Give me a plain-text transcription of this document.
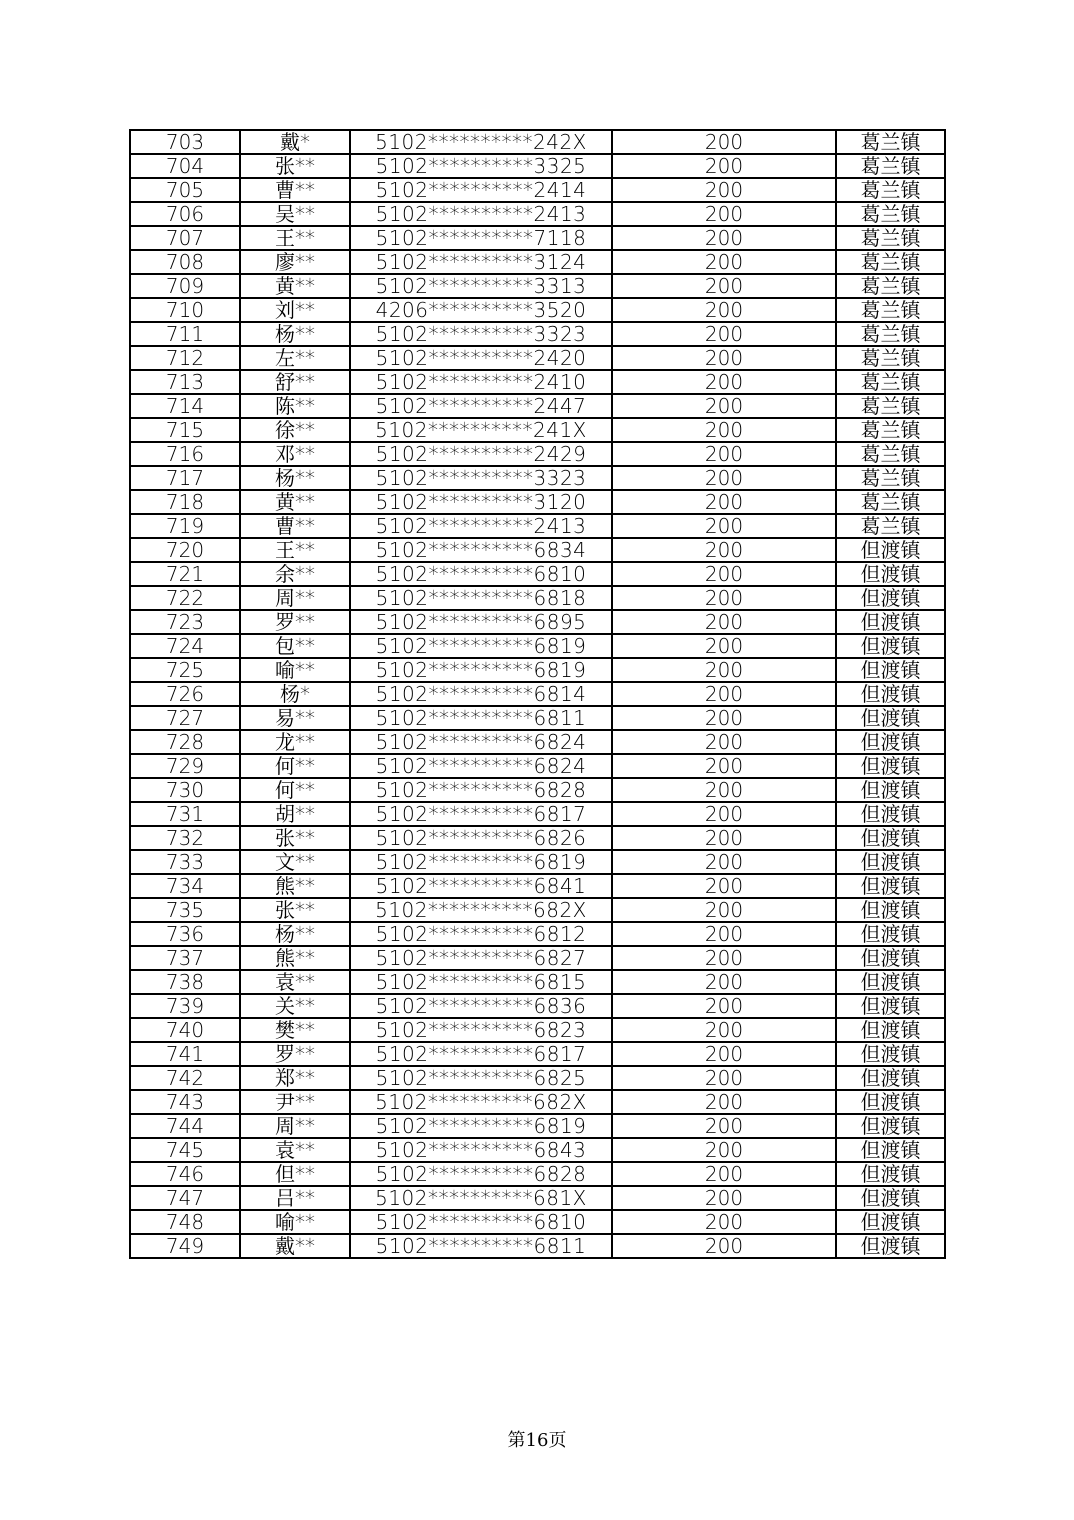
703	戴*	5102**********242X	200	葛兰镇
704	张**	5102**********3325	200	葛兰镇
705	曹**	5102**********2414	200	葛兰镇
706	吴**	5102**********2413	200	葛兰镇
707	王**	5102**********7118	200	葛兰镇
708	廖**	5102**********3124	200	葛兰镇
709	黄**	5102**********3313	200	葛兰镇
710	刘**	4206**********3520	200	葛兰镇
711	杨**	5102**********3323	200	葛兰镇
712	左**	5102**********2420	200	葛兰镇
713	舒**	5102**********2410	200	葛兰镇
714	陈**	5102**********2447	200	葛兰镇
715	徐**	5102**********241X	200	葛兰镇
716	邓**	5102**********2429	200	葛兰镇
717	杨**	5102**********3323	200	葛兰镇
718	黄**	5102**********3120	200	葛兰镇
719	曹**	5102**********2413	200	葛兰镇
720	王**	5102**********6834	200	但渡镇
721	余**	5102**********6810	200	但渡镇
722	周**	5102**********6818	200	但渡镇
723	罗**	5102**********6895	200	但渡镇
724	包**	5102**********6819	200	但渡镇
725	喻**	5102**********6819	200	但渡镇
726	杨*	5102**********6814	200	但渡镇
727	易**	5102**********6811	200	但渡镇
728	龙**	5102**********6824	200	但渡镇
729	何**	5102**********6824	200	但渡镇
730	何**	5102**********6828	200	但渡镇
731	胡**	5102**********6817	200	但渡镇
732	张**	5102**********6826	200	但渡镇
733	文**	5102**********6819	200	但渡镇
734	熊**	5102**********6841	200	但渡镇
735	张**	5102**********682X	200	但渡镇
736	杨**	5102**********6812	200	但渡镇
737	熊**	5102**********6827	200	但渡镇
738	袁**	5102**********6815	200	但渡镇
739	关**	5102**********6836	200	但渡镇
740	樊**	5102**********6823	200	但渡镇
741	罗**	5102**********6817	200	但渡镇
742	郑**	5102**********6825	200	但渡镇
743	尹**	5102**********682X	200	但渡镇
744	周**	5102**********6819	200	但渡镇
745	袁**	5102**********6843	200	但渡镇
746	但**	5102**********6828	200	但渡镇
747	吕**	5102**********681X	200	但渡镇
748	喻**	5102**********6810	200	但渡镇
749	戴**	5102**********6811	200	但渡镇
第16页
